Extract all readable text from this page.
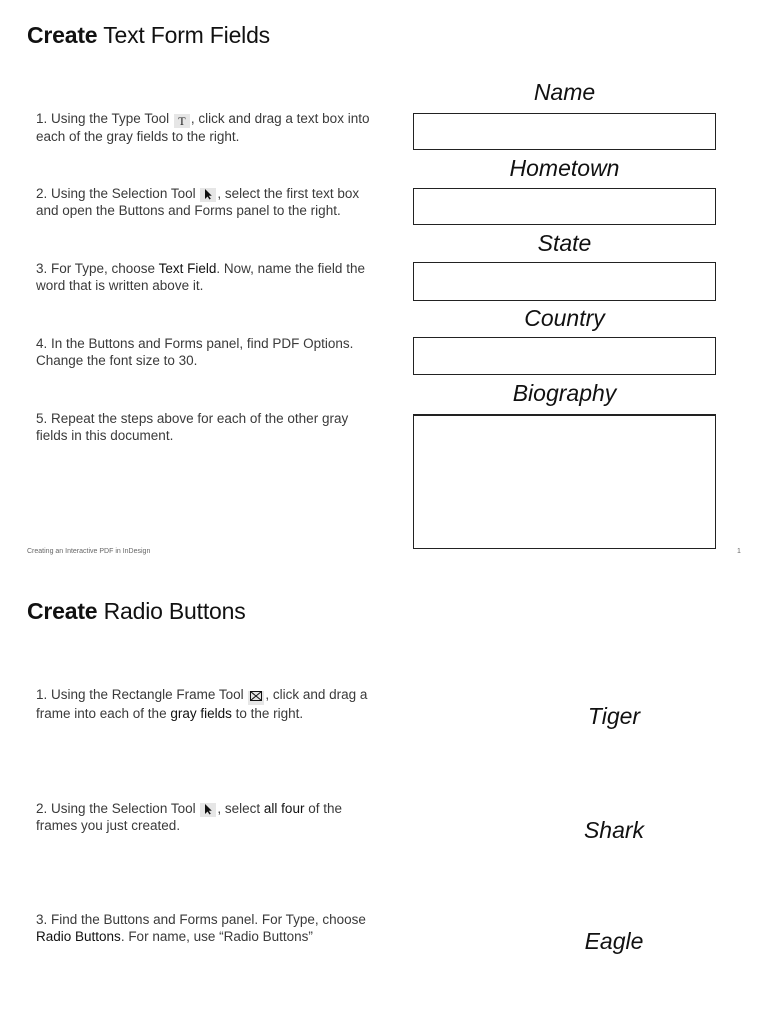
Create Text Form Fields
1. Using the Type Tool T , click and drag a text box into each of the gray fields to the right.
2. Using the Selection Tool , select the first text box and open the Buttons and Forms panel to the right.
3. For Type, choose Text Field. Now, name the field the word that is written above it.
4. In the Buttons and Forms panel, find PDF Options. Change the font size to 30.
5. Repeat the steps above for each of the other gray fields in this document.
Name
Hometown
State
Country
Biography
Creating an Interactive PDF in InDesign	1
Create Radio Buttons
1. Using the Rectangle Frame Tool , click and drag a frame into each of the gray fields to the right.
2. Using the Selection Tool , select all four of the frames you just created.
3. Find the Buttons and Forms panel. For Type, choose Radio Buttons. For name, use “Radio Buttons”
Tiger
Shark
Eagle
